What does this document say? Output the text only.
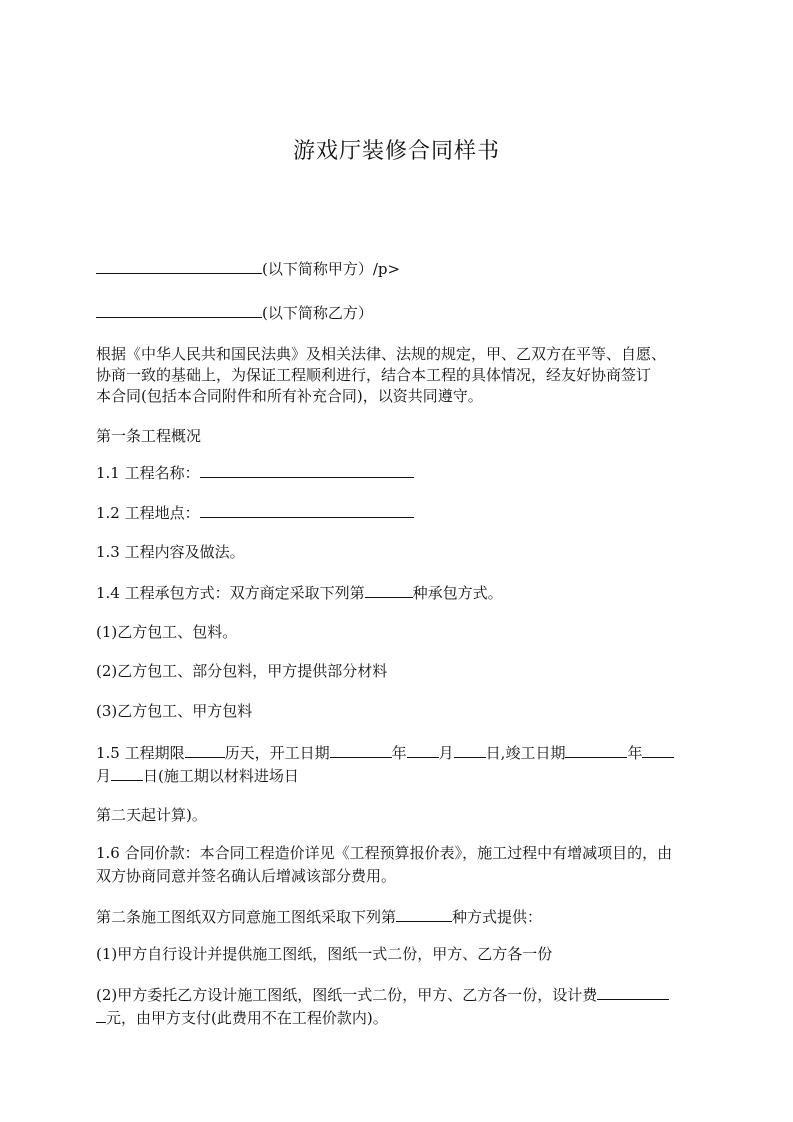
游戏厅装修合同样书

(以下简称甲方）/p>

(以下简称乙方）

根据《中华人民共和国民法典》及相关法律、法规的规定，甲、乙双方在平等、自愿、

协商一致的基础上，为保证工程顺利进行，结合本工程的具体情况，经友好协商签订

本合同(包括本合同附件和所有补充合同)，以资共同遵守。

第一条工程概况

1.1 工程名称：

1.2 工程地点：

1.3 工程内容及做法。

1.4 工程承包方式：双方商定采取下列第	种承包方式。

(1)乙方包工、包料。

(2)乙方包工、部分包料，甲方提供部分材料

(3)乙方包工、甲方包料

1.5 工程期限	历天，开工日期	年 月 日,竣工日期	年

月 日(施工期以材料进场日

第二天起计算)。

1.6 合同价款：本合同工程造价详见《工程预算报价表》，施工过程中有增减项目的，由

双方协商同意并签名确认后增减该部分费用。

第二条施工图纸双方同意施工图纸采取下列第	种方式提供：

(1)甲方自行设计并提供施工图纸，图纸一式二份，甲方、乙方各一份

(2)甲方委托乙方设计施工图纸，图纸一式二份，甲方、乙方各一份，设计费

元，由甲方支付(此费用不在工程价款内)。
